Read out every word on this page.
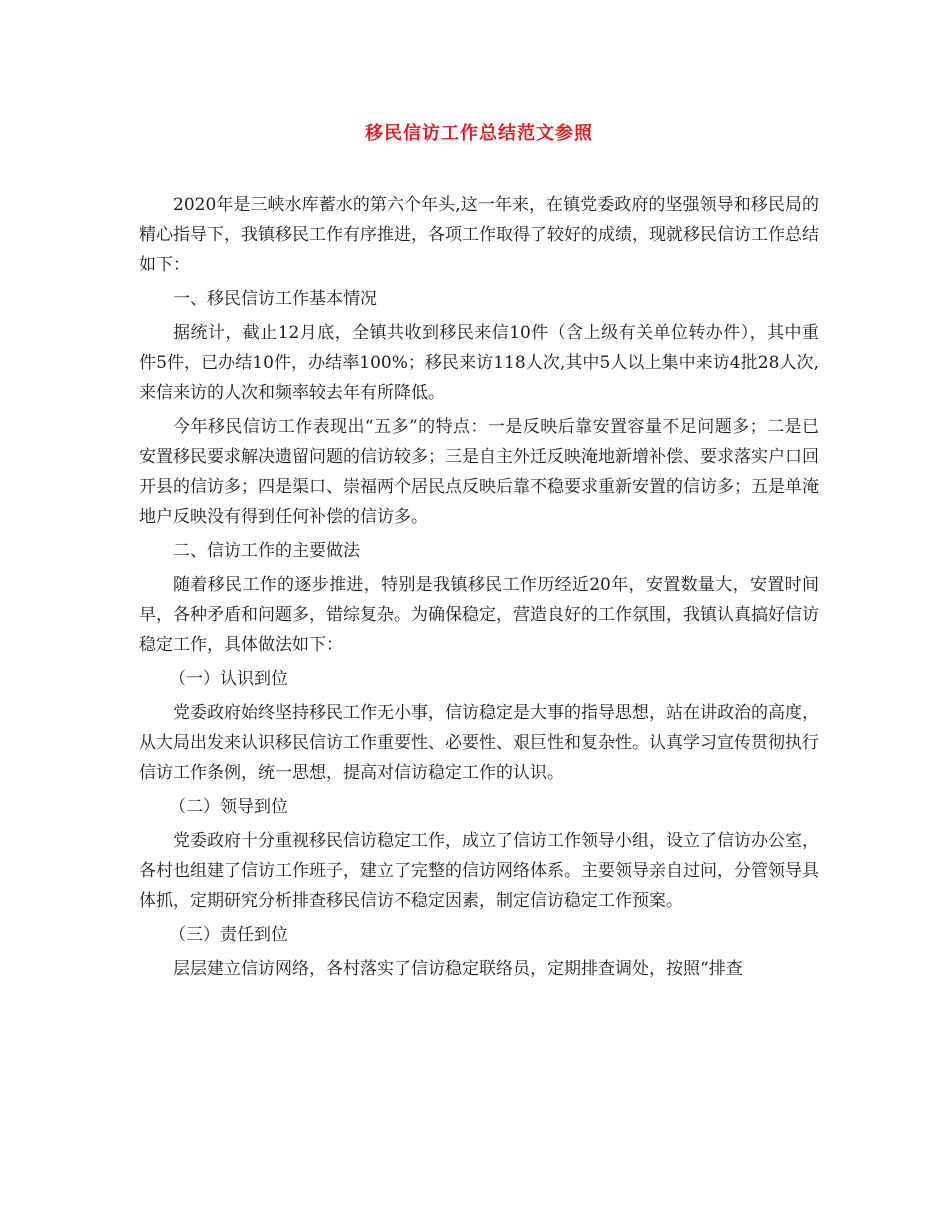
移民信访工作总结范文参照

2020年是三峡水库蓄水的第六个年头,这一年来，在镇党委政府的坚强领导和移民局的精心指导下，我镇移民工作有序推进，各项工作取得了较好的成绩，现就移民信访工作总结如下：

一、移民信访工作基本情况

据统计，截止12月底，全镇共收到移民来信10件（含上级有关单位转办件），其中重件5件，已办结10件，办结率100%；移民来访118人次,其中5人以上集中来访4批28人次,来信来访的人次和频率较去年有所降低。

今年移民信访工作表现出“五多”的特点：一是反映后靠安置容量不足问题多；二是已安置移民要求解决遗留问题的信访较多；三是自主外迁反映淹地新增补偿、要求落实户口回开县的信访多；四是渠口、崇福两个居民点反映后靠不稳要求重新安置的信访多；五是单淹地户反映没有得到任何补偿的信访多。

二、信访工作的主要做法

随着移民工作的逐步推进，特别是我镇移民工作历经近20年，安置数量大，安置时间早，各种矛盾和问题多，错综复杂。为确保稳定，营造良好的工作氛围，我镇认真搞好信访稳定工作，具体做法如下：

（一）认识到位

党委政府始终坚持移民工作无小事，信访稳定是大事的指导思想，站在讲政治的高度，从大局出发来认识移民信访工作重要性、必要性、艰巨性和复杂性。认真学习宣传贯彻执行信访工作条例，统一思想，提高对信访稳定工作的认识。

（二）领导到位

党委政府十分重视移民信访稳定工作，成立了信访工作领导小组，设立了信访办公室，各村也组建了信访工作班子，建立了完整的信访网络体系。主要领导亲自过问，分管领导具体抓，定期研究分析排查移民信访不稳定因素，制定信访稳定工作预案。

（三）责任到位

层层建立信访网络，各村落实了信访稳定联络员，定期排查调处，按照“排查
